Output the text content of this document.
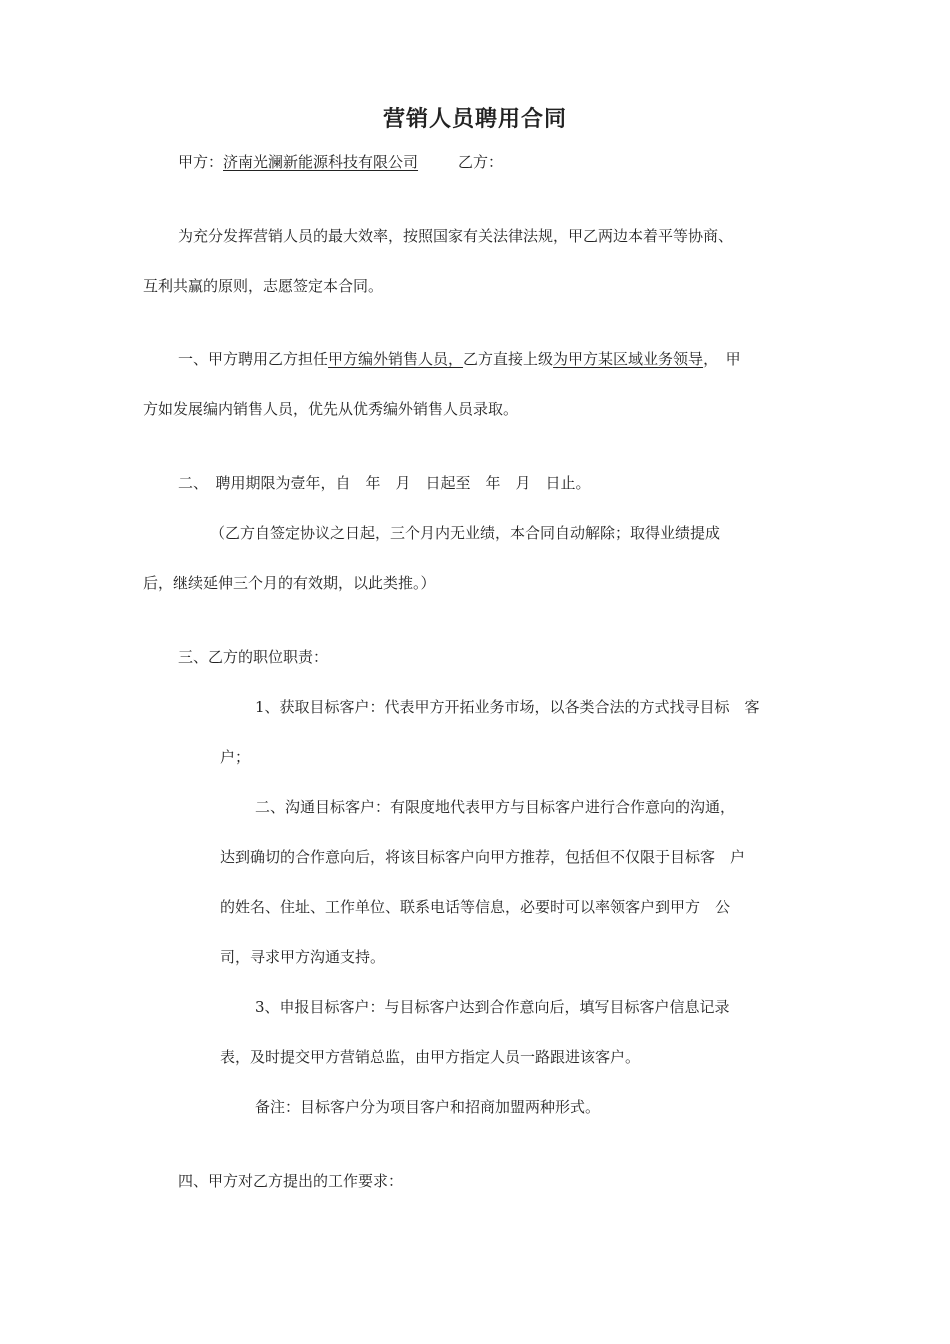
营销人员聘用合同
甲方：济南光澜新能源科技有限公司	乙方：
为充分发挥营销人员的最大效率，按照国家有关法律法规，甲乙两边本着平等协商、
互利共赢的原则，志愿签定本合同。
一、甲方聘用乙方担任甲方编外销售人员，乙方直接上级为甲方某区域业务领导，　甲
方如发展编内销售人员，优先从优秀编外销售人员录取。
二、　聘用期限为壹年，自　年　月　日起至　年　月　日止。
（乙方自签定协议之日起，三个月内无业绩，本合同自动解除；取得业绩提成
后，继续延伸三个月的有效期，以此类推。）
三、乙方的职位职责：
1、获取目标客户：代表甲方开拓业务市场，以各类合法的方式找寻目标　客
户；
二、沟通目标客户：有限度地代表甲方与目标客户进行合作意向的沟通，
达到确切的合作意向后，将该目标客户向甲方推荐，包括但不仅限于目标客　户
的姓名、住址、工作单位、联系电话等信息，必要时可以率领客户到甲方　公
司，寻求甲方沟通支持。
3、申报目标客户：与目标客户达到合作意向后，填写目标客户信息记录
表，及时提交甲方营销总监，由甲方指定人员一路跟进该客户。
备注：目标客户分为项目客户和招商加盟两种形式。
四、甲方对乙方提出的工作要求：
